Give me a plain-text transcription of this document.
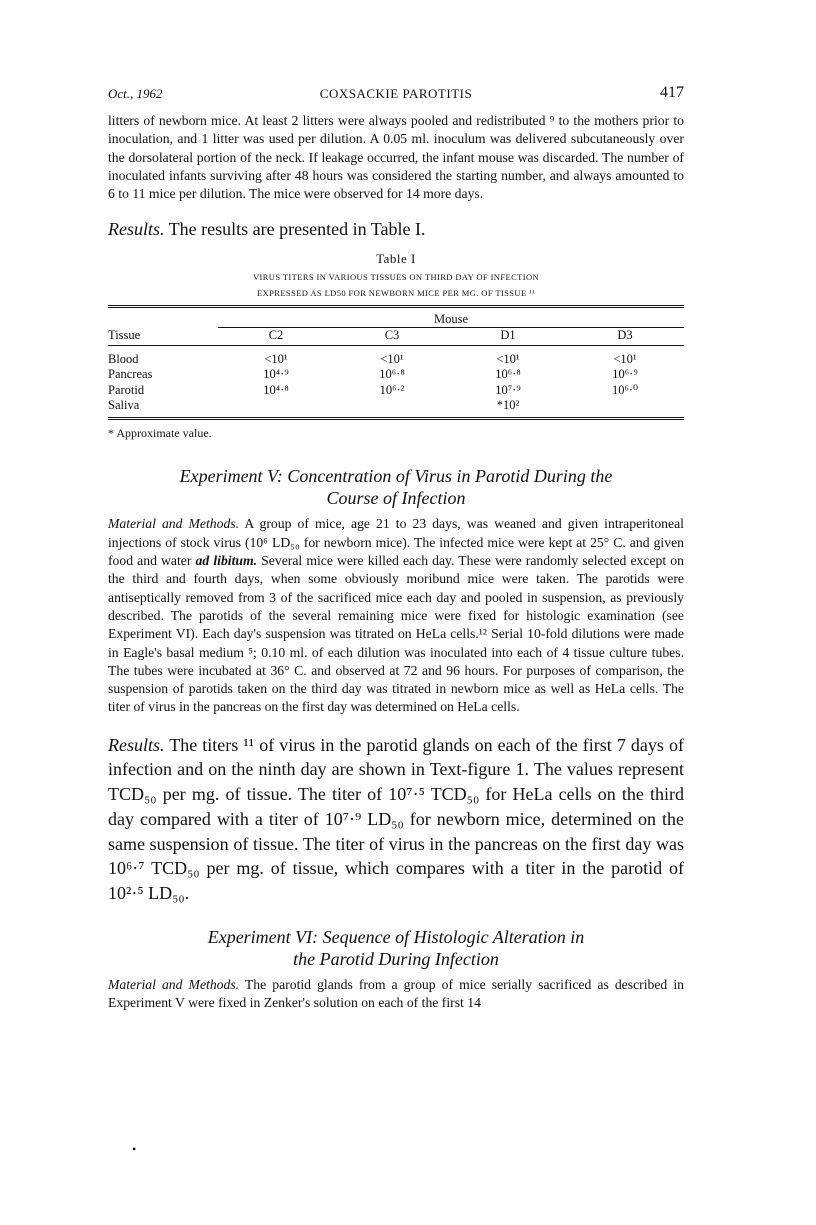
Oct., 1962	COXSACKIE PAROTITIS	417

litters of newborn mice. At least 2 litters were always pooled and redistributed ⁹ to the mothers prior to inoculation, and 1 litter was used per dilution. A 0.05 ml. inoculum was delivered subcutaneously over the dorsolateral portion of the neck. If leakage occurred, the infant mouse was discarded. The number of inoculated infants surviving after 48 hours was considered the starting number, and always amounted to 6 to 11 mice per dilution. The mice were observed for 14 more days.

Results. The results are presented in Table I.

Table I
VIRUS TITERS IN VARIOUS TISSUES ON THIRD DAY OF INFECTION
EXPRESSED AS LD50 FOR NEWBORN MICE PER MG. OF TISSUE ¹¹
	Mouse			
Tissue	C2	C3	D1	D3
Blood	<10¹	<10¹	<10¹	<10¹
Pancreas	10⁴·⁹	10⁶·⁸	10⁶·⁸	10⁶·⁹
Parotid	10⁴·⁸	10⁶·²	10⁷·⁹	10⁶·⁰
Saliva			*10²	
* Approximate value.
Experiment V: Concentration of Virus in Parotid During the
Course of Infection

Material and Methods. A group of mice, age 21 to 23 days, was weaned and given intraperitoneal injections of stock virus (10⁶ LD₅₀ for newborn mice). The infected mice were kept at 25° C. and given food and water ad libitum. Several mice were killed each day. These were randomly selected except on the third and fourth days, when some obviously moribund mice were taken. The parotids were antiseptically removed from 3 of the sacrificed mice each day and pooled in suspension, as previously described. The parotids of the several remaining mice were fixed for histologic examination (see Experiment VI). Each day's suspension was titrated on HeLa cells.¹² Serial 10-fold dilutions were made in Eagle's basal medium ⁵; 0.10 ml. of each dilution was inoculated into each of 4 tissue culture tubes. The tubes were incubated at 36° C. and observed at 72 and 96 hours. For purposes of comparison, the suspension of parotids taken on the third day was titrated in newborn mice as well as HeLa cells. The titer of virus in the pancreas on the first day was determined on HeLa cells.

Results. The titers ¹¹ of virus in the parotid glands on each of the first 7 days of infection and on the ninth day are shown in Text-figure 1. The values represent TCD₅₀ per mg. of tissue. The titer of 10⁷·⁵ TCD₅₀ for HeLa cells on the third day compared with a titer of 10⁷·⁹ LD₅₀ for newborn mice, determined on the same suspension of tissue. The titer of virus in the pancreas on the first day was 10⁶·⁷ TCD₅₀ per mg. of tissue, which compares with a titer in the parotid of 10²·⁵ LD₅₀.

Experiment VI: Sequence of Histologic Alteration in
the Parotid During Infection

Material and Methods. The parotid glands from a group of mice serially sacrificed as described in Experiment V were fixed in Zenker's solution on each of the first 14

•
